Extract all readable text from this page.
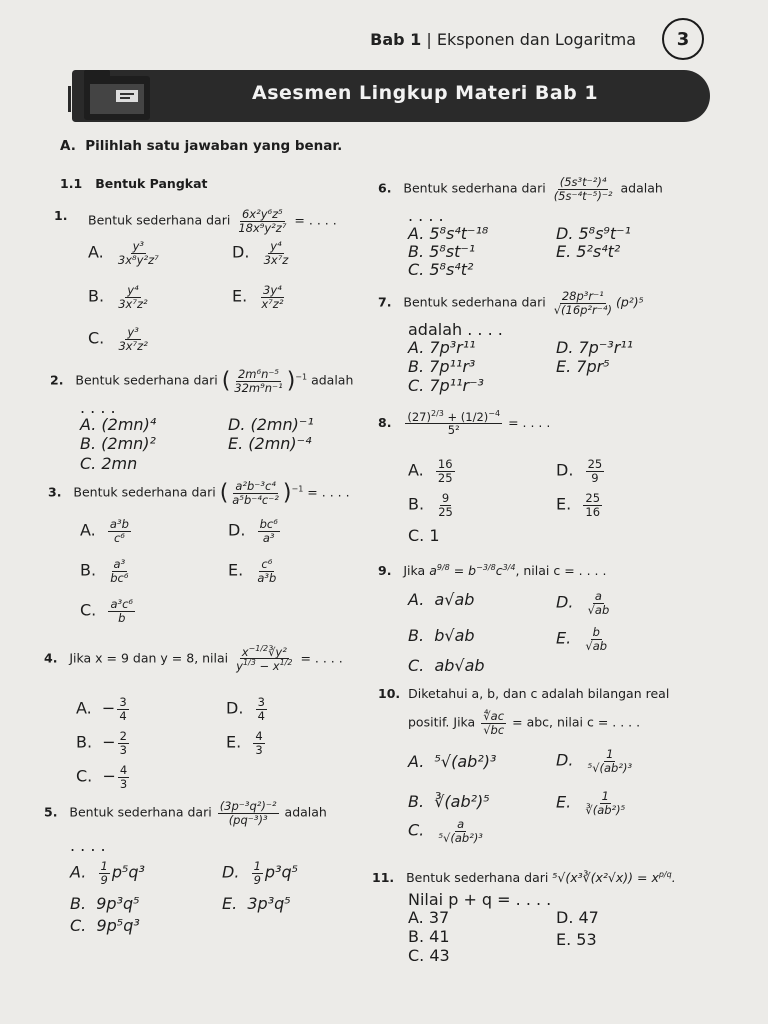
Bab 1 | Eksponen dan Logaritma	3
Asesmen Lingkup Materi Bab 1
A. Pilihlah satu jawaban yang benar.
1.1 Bentuk Pangkat
1. Bentuk sederhana dari $\frac{\text{6x²y⁶z⁵}}{\text{18x⁹y²z⁷}}$ = . . . .
A. $\frac{\text{y³}}{\text{3x⁸y²z⁷}}$
B. $\frac{\text{y⁴}}{\text{3x⁷z²}}$
C. $\frac{\text{y³}}{\text{3x⁷z²}}$
D. $\frac{\text{y⁴}}{\text{3x⁷z}}$
E. $\frac{\text{3y⁴}}{\text{x⁷z²}}$
2. Bentuk sederhana dari ( $\frac{\text{2m⁶n⁻⁵}}{\text{32m⁹n⁻¹}} )^{-1}$ adalah
. . . .
A. (2mn)⁴
B. (2mn)²
C. 2mn
D. (2mn)⁻¹
E. (2mn)⁻⁴
3. Bentuk sederhana dari ( $\frac{\text{a²b⁻³c⁴}}{\text{a⁵b⁻⁴c⁻²}} )^{-1}$ = . . . .
A. $\frac{\text{a³b}}{\text{c⁶}}$
B. $\frac{\text{a³}}{\text{bc⁶}}$
C. $\frac{\text{a³c⁶}}{b}$
D. $\frac{\text{bc⁶}}{\text{a³}}$
E. $\frac{\text{c⁶}}{\text{a³b}}$
4. Jika x = 9 dan y = 8, nilai $\frac{x^{-1/2}∛y^2}{y^{1/3} - x^{1/2}}$ = . . . .
A.  − $\frac{3}{4}$
B.  − $\frac{2}{3}$
C.  − $\frac{4}{3}$
D. $\frac{3}{4}$
E. $\frac{4}{3}$
5. Bentuk sederhana dari $\frac{\text{(3p⁻³q²)⁻²}}{\text{(pq⁻³)³}}$ adalah
. . . .
A. $\frac{1}{9} p^5q^3$
B.  9p³q⁵
C.  9p⁵q³
D. $\frac{1}{9} p^3q^5$
E.  3p³q⁵
6. Bentuk sederhana dari $\frac{\text{(5s³t⁻²)⁴}}{\text{(5s⁻⁴t⁻⁵)⁻²}}$ adalah
. . . .
A. 5⁸s⁴t⁻¹⁸
B. 5⁸st⁻¹
C. 5⁸s⁴t²
D. 5⁸s⁹t⁻¹
E. 5²s⁴t²
7. Bentuk sederhana dari $\frac{\text{28p³r⁻¹}}{\text{√(16p²r⁻⁴)}} (p^2)^5$
adalah . . . .
A. 7p³r¹¹
B. 7p¹¹r³
C. 7p¹¹r⁻³
D. 7p⁻³r¹¹
E. 7pr⁵
8. $\frac{(27)^{2/3} + (1/2)^{-4}}{\text{5²}}$ = . . . .
A. $\frac{16}{25}$
B. $\frac{9}{25}$
C. 1
D. $\frac{25}{9}$
E. $\frac{25}{16}$
9. Jika $a^{9/8} = b^{-3/8}c^{3/4}$, nilai c = . . . .
A.  a√ab
B.  b√ab
C.  ab√ab
D. $\frac{a}{√ab}$
E. $\frac{b}{√ab}$
10. Diketahui a, b, dan c adalah bilangan real
positif. Jika $\frac{∜ac}{√bc}$ = abc, nilai c = . . . .
A.  ⁵√(ab²)³
B.  ∛(ab²)⁵
C. $\frac{a}{\text{⁵√(ab²)³}}$
D. $\frac{1}{\text{⁵√(ab²)³}}$
E. $\frac{1}{\text{∛(ab²)⁵}}$
11. Bentuk sederhana dari ⁵√(x³∛(x²√x)) = $x^{p/q}$.
Nilai p + q = . . . .
A. 37
B. 41
C. 43
D. 47
E. 53
